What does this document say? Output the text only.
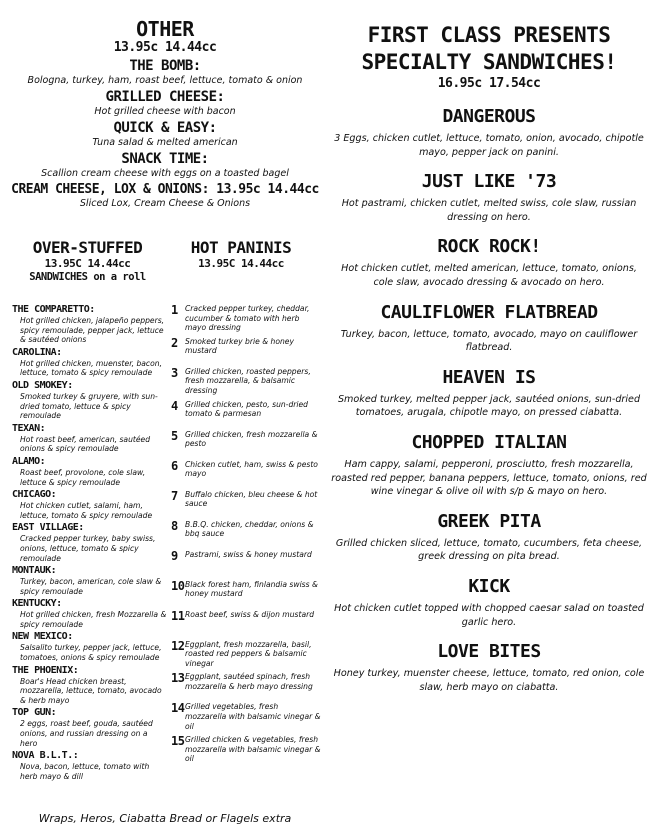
OTHER
13.95c 14.44cc
THE BOMB:
Bologna, turkey, ham, roast beef, lettuce, tomato & onion
GRILLED CHEESE:
Hot grilled cheese with bacon
QUICK & EASY:
Tuna salad & melted american
SNACK TIME:
Scallion cream cheese with eggs on a toasted bagel
CREAM CHEESE, LOX & ONIONS: 13.95c 14.44cc
Sliced Lox, Cream Cheese & Onions
OVER-STUFFED
13.95C 14.44cc
SANDWICHES on a roll
HOT PANINIS
13.95C 14.44cc
THE COMPARETTO:
Hot grilled chicken, jalapeño peppers, spicy remoulade, pepper jack, lettuce & sautéed onions
CAROLINA:
Hot grilled chicken, muenster, bacon, lettuce, tomato & spicy remoulade
OLD SMOKEY:
Smoked turkey & gruyere, with sun-dried tomato, lettuce & spicy remoulade
TEXAN:
Hot roast beef, american, sautéed onions & spicy remoulade
ALAMO:
Roast beef, provolone, cole slaw, lettuce & spicy remoulade
CHICAGO:
Hot chicken cutlet, salami, ham, lettuce, tomato & spicy remoulade
EAST VILLAGE:
Cracked pepper turkey, baby swiss, onions, lettuce, tomato & spicy remoulade
MONTAUK:
Turkey, bacon, american, cole slaw & spicy remoulade
KENTUCKY:
Hot grilled chicken, fresh Mozzarella & spicy remoulade
NEW MEXICO:
Salsalito turkey, pepper jack, lettuce, tomatoes, onions & spicy remoulade
THE PHOENIX:
Boar's Head chicken breast, mozzarella, lettuce, tomato, avocado & herb mayo
TOP GUN:
2 eggs, roast beef, gouda, sautéed onions, and russian dressing on a hero
NOVA B.L.T.:
Nova, bacon, lettuce, tomato with herb mayo & dill
1 Cracked pepper turkey, cheddar, cucumber & tomato with herb mayo dressing
2 Smoked turkey brie & honey mustard
3 Grilled chicken, roasted peppers, fresh mozzarella, & balsamic dressing
4 Grilled chicken, pesto, sun-dried tomato & parmesan
5 Grilled chicken, fresh mozzarella & pesto
6 Chicken cutlet, ham, swiss & pesto mayo
7 Buffalo chicken, bleu cheese & hot sauce
8 B.B.Q. chicken, cheddar, onions & bbq sauce
9 Pastrami, swiss & honey mustard
10 Black forest ham, finlandia swiss & honey mustard
11 Roast beef, swiss & dijon mustard
12 Eggplant, fresh mozzarella, basil, roasted red peppers & balsamic vinegar
13 Eggplant, sautéed spinach, fresh mozzarella & herb mayo dressing
14 Grilled vegetables, fresh mozzarella with balsamic vinegar & oil
15 Grilled chicken & vegetables, fresh mozzarella with balsamic vinegar & oil
Wraps, Heros, Ciabatta Bread or Flagels extra
FIRST CLASS PRESENTS
SPECIALTY SANDWICHES!
16.95c 17.54cc
DANGEROUS
3 Eggs, chicken cutlet, lettuce, tomato, onion, avocado, chipotle mayo, pepper jack on panini.
JUST LIKE '73
Hot pastrami, chicken cutlet, melted swiss, cole slaw, russian dressing on hero.
ROCK ROCK!
Hot chicken cutlet, melted american, lettuce, tomato, onions, cole slaw, avocado dressing & avocado on hero.
CAULIFLOWER FLATBREAD
Turkey, bacon, lettuce, tomato, avocado, mayo on cauliflower flatbread.
HEAVEN IS
Smoked turkey, melted pepper jack, sautéed onions, sun-dried tomatoes, arugala, chipotle mayo, on pressed ciabatta.
CHOPPED ITALIAN
Ham cappy, salami, pepperoni, prosciutto, fresh mozzarella, roasted red pepper, banana peppers, lettuce, tomato, onions, red wine vinegar & olive oil with s/p & mayo on hero.
GREEK PITA
Grilled chicken sliced, lettuce, tomato, cucumbers, feta cheese, greek dressing on pita bread.
KICK
Hot chicken cutlet topped with chopped caesar salad on toasted garlic hero.
LOVE BITES
Honey turkey, muenster cheese, lettuce, tomato, red onion, cole slaw, herb mayo on ciabatta.
